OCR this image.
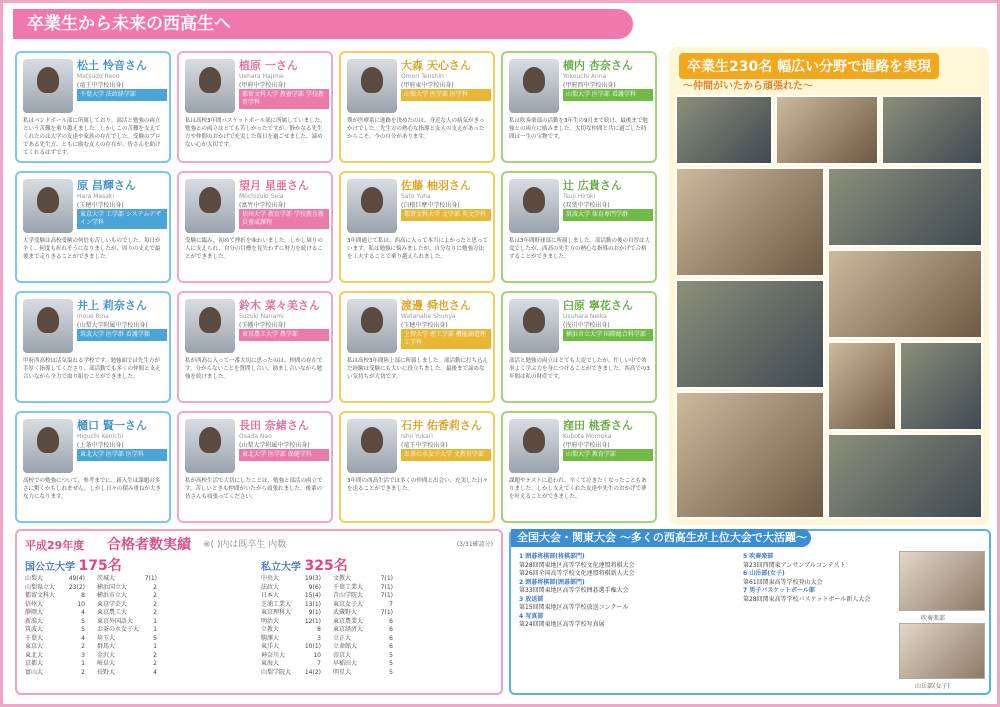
卒業生から未来の西高生へ
松土 怜音さん
Matsudo Reon
(竜王中学校出身)
千葉大学 法政経学部
私はバンドボール部に所属しており、部活と勉強の両立という苦難を乗り越えました。しかしこの苦難を支えてくれたのは大学の友達や家族の存在でした。受験のプロである先生方、ともに励む友人の存在が、皆さんを助けてくれるはずです。
植原 一さん
Uehara Hajime
(甲府中学校出身)
都留文科大学 教養学部 学校教育学科
私は高校3年間バスケットボール部に所属していました。勉強との両立はとても苦しかったですが、静かなる先生方や仲間のおかげで充実した毎日を過ごせました。諦めない心が大切です。
大森 天心さん
Omori Tenshin
(甲府東中学校出身)
山梨大学 医学部 医学科
僕が医療系に進路を決めたのは、身近な人の病気がきっかけでした。先生方の熱心な指導と友人の支えがあったからこそ、今の自分があります。
横内 杏奈さん
Yokouchi Anna
(甲府西中学校出身)
山梨大学 医学部 看護学科
私は吹奏楽部の活動を3年生の9月まで続け、最後まで勉強との両立に励みました。大切な仲間と共に過ごした時間は一生の宝物です。
原 昌輝さん
Hara Masaki
(玉穂中学校出身)
東京大学 工学部 システムデザイン学科
大学受験は高校受験の何倍も苦しいものでした。毎日が辛く、何度も折れそうになりましたが、周りの支えで最後まで走りきることができました。
望月 星亜さん
Mochizuki Seia
(富竹中学校出身)
信州大学 教育学部 学校教育教員養成課程
受験に臨み、初めて挫折を味わいました。しかし周りの人に支えられ、自分の目標を見失わずに努力を続けることができました。
佐藤 柚羽さん
Sato Yuha
(白根巨摩中学校出身)
都留文科大学 文学部 英文学科
3年間通じて私は、西高に入って本当によかったと思っています。私は勉強に悩みましたが、自分なりに勉強方法を工夫することで乗り越えられました。
辻 広貴さん
Tsuji Hiroki
(双葉中学校出身)
筑波大学 体育専門学群
私は3年間野球部に所属しました。部活動の後の自習は大変でしたが、西高の先生方の熱心な指導のおかげで合格することができました。
井上 莉奈さん
Inoue Rina
(山梨大学附属中学校出身)
筑波大学 医学群 看護学類
甲府西高校は活気溢れる学校です。勉強面では先生方が手厚く指導してくださり、部活動でも多くの仲間と支え合いながら全力で取り組むことができました。
鈴木 菜々美さん
Suzuki Nanami
(玉幡中学校出身)
東京農工大学 農学部
私が西高に入って一番大切に思ったのは、仲間の存在です。分からないことを質問し合い、励まし合いながら勉強を続けました。
渡邊 舜也さん
Watanabe Shunya
(玉穂中学校出身)
上智大学 理工学部 機能創造理工学科
私は高校3年間陸上部に所属しました。部活動に打ち込んだ経験は受験にも大いに役立ちました。最後まで諦めない気持ちが大切です。
臼原 寧花さん
Usuhara Neika
(浅川中学校出身)
横浜市立大学 国際総合科学部
部活と勉強の両立はとても大変でしたが、忙しい中で効率よく学ぶ力を身につけることができました。西高での3年間は私の財産です。
樋口 賢一さん
Higuchi Kenichi
(上条中学校出身)
東北大学 医学部 医学科
高校での勉強について、参考までに、新入生は課題の多さに驚くかもしれません。しかし日々の積み重ねが大きな力になります。
長田 奈緒さん
Osada Nao
(山梨大学附属中学校出身)
東北大学 医学部 保健学科
私が高校生活で大切にしたことは、勉強と部活の両立です。苦しいときも仲間がいたから頑張れました。後輩の皆さんも頑張ってください。
石井 佑香莉さん
Ishii Yukari
(竜王中学校出身)
お茶の水女子大学 文教育学部
3年間の西高生活では多くの仲間と出会い、充実した日々を送ることができました。
窪田 桃香さん
Kubota Momoka
(甲府中学校出身)
山梨大学 教育学部
課題やテストに追われ、辛くて泣きたくなったこともありました。しかし支えてくれた友達や先生のおかげで夢を叶えることができました。
卒業生230名 幅広い分野で進路を実現
〜仲間がいたから頑張れた〜
平成29年度 合格者数実績 ※( )内は既卒生 内数	(3/31確認分)
国公立大学 175名	私立大学 325名
山梨大	49(4)
山梨県立大 23(2)
都留文科大	8
信州大	10
静岡大	4
新潟大	5
筑波大	5
千葉大	4
東京大	2
東北大	3
京都大	1
富山大	2
茨城大	7(1)
横浜国立大	2
横浜市立大	2
東京学芸大	2
東京農工大	2
東京外国語大	1
お茶の水女子大 1
埼玉大	5
群馬大	1
金沢大	2
岐阜大	2
長野大	4
中央大	19(3)
法政大	9(6)
日本大	15(4)
芝浦工業大 13(1)
東京理科大	9(1)
明治大	12(1)
立教大	8
駒澤大	3
東洋大	10(1)
神奈川大	10
東海大	7
山梨学院大 14(2)
文教大	7(1)
千葉工業大	7(1)
青山学院大	7(1)
東京女子大	7
武蔵野大	7(1)
東京農業大	6
東京経済大	6
立正大	6
立命館大	6
帝京大	5
早稲田大	5
明星大	5
全国大会・関東大会 〜多くの西高生が上位大会で大活躍〜
1 囲碁将棋部(将棋部門)
第28回関東地区高等学校文化連盟将棋大会
第26回全国高等学校文化連盟将棋新人大会
2 囲碁将棋部(囲碁部門)
第33回関東地区高等学校囲碁選手権大会
3 放送部
第15回関東地区高等学校放送コンクール
4 写真部
第24回関東地区高等学校写真展
5 吹奏楽部
第23回西関東アンサンブルコンテスト
6 山岳部(女子)
第61回関東高等学校登山大会
7 男子バスケットボール部
第28回関東高等学校バスケットボール新人大会
吹奏楽部
山岳部(女子)
